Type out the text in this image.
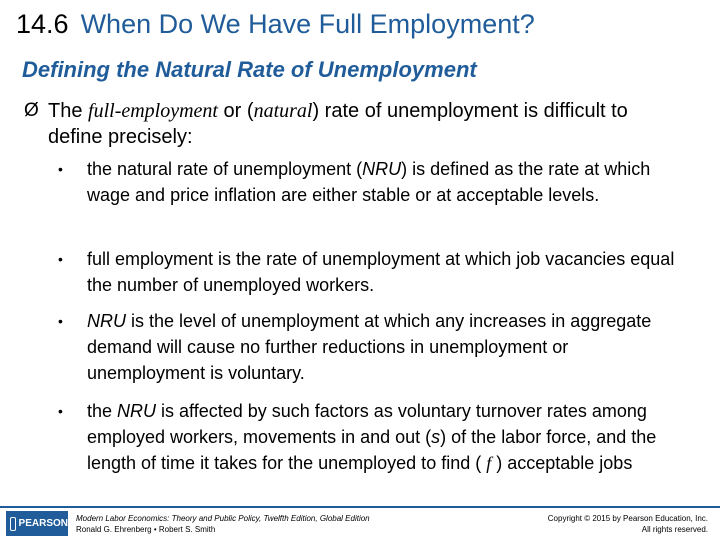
14.6 When Do We Have Full Employment?
Defining the Natural Rate of Unemployment
Ø The full-employment or (natural) rate of unemployment is difficult to define precisely:
•	the natural rate of unemployment (NRU) is defined as the rate at which wage and price inflation are either stable or at acceptable levels.
•	full employment is the rate of unemployment at which job vacancies equal the number of unemployed workers.
•	NRU is the level of unemployment at which any increases in aggregate demand will cause no further reductions in unemployment or unemployment is voluntary.
•	the NRU is affected by such factors as voluntary turnover rates among employed workers, movements in and out (s) of the labor force, and the length of time it takes for the unemployed to find ( f ) acceptable jobs
PEARSON Modern Labor Economics: Theory and Public Policy, Twelfth Edition, Global Edition
Ronald G. Ehrenberg • Robert S. Smith
Copyright © 2015 by Pearson Education, Inc.
All rights reserved.
